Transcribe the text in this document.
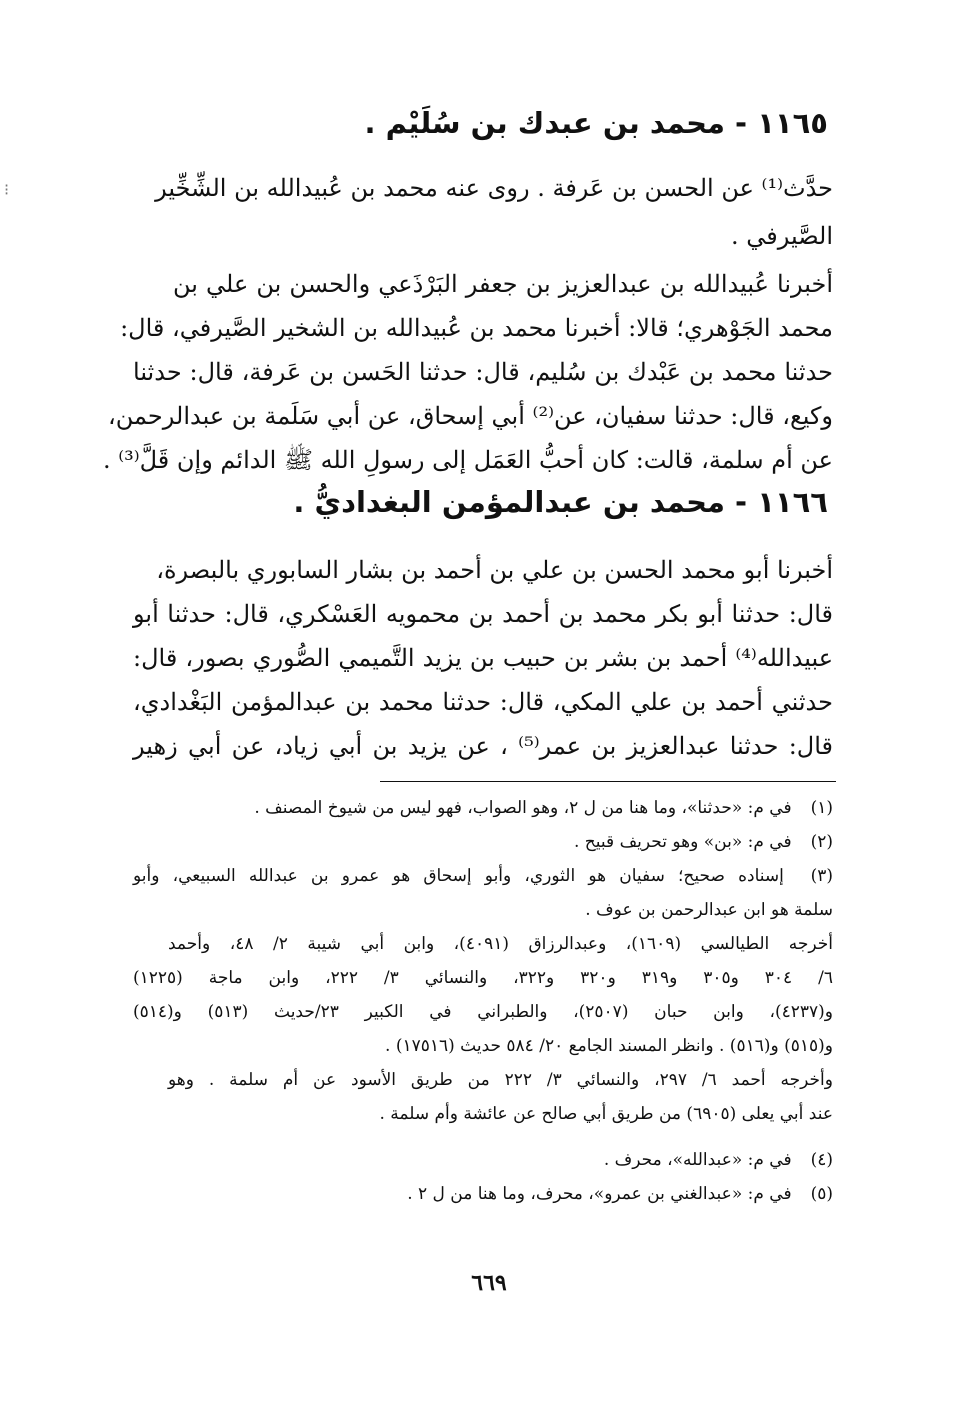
⁝
١١٦٥ - محمد بن عبدك بن سُلَيْم .
حدَّث⁽¹⁾ عن الحسن بن عَرفة . روى عنه محمد بن عُبيدالله بن الشِّخِّير
الصَّيرفي .
أخبرنا عُبيدالله بن عبدالعزيز بن جعفر البَرْذَعي والحسن بن علي بن
محمد الجَوْهري؛ قالا: أخبرنا محمد بن عُبيدالله بن الشخير الصَّيرفي، قال:
حدثنا محمد بن عَبْدك بن سُليم، قال: حدثنا الحَسن بن عَرفة، قال: حدثنا
وكيع، قال: حدثنا سفيان، عن⁽²⁾ أبي إسحاق، عن أبي سَلَمة بن عبدالرحمن،
عن أم سلمة، قالت: كان أحبُّ العَمَل إلى رسولِ الله ﷺ الدائم وإن قَلَّ⁽³⁾ .
١١٦٦ - محمد بن عبدالمؤمن البغداديُّ .
أخبرنا أبو محمد الحسن بن علي بن أحمد بن بشار السابوري بالبصرة،
قال: حدثنا أبو بكر محمد بن أحمد بن محمويه العَسْكري، قال: حدثنا أبو
عبيدالله⁽⁴⁾ أحمد بن بشر بن حبيب بن يزيد التَّميمي الصُّوري بصور، قال:
حدثني أحمد بن علي المكي، قال: حدثنا محمد بن عبدالمؤمن البَغْدادي،
قال: حدثنا عبدالعزيز بن عمر⁽⁵⁾ ، عن يزيد بن أبي زياد، عن أبي زهير
(١) في م: «حدثنا»، وما هنا من ل ٢، وهو الصواب، فهو ليس من شيوخ المصنف .
(٢) في م: «بن» وهو تحريف قبيح .
(٣) إسناده صحيح؛ سفيان هو الثوري، وأبو إسحاق هو عمرو بن عبدالله السبيعي، وأبو
سلمة هو ابن عبدالرحمن بن عوف .
أخرجه الطيالسي (١٦٠٩)، وعبدالرزاق (٤٠٩١)، وابن أبي شيبة ٢/ ٤٨، وأحمد
٦/ ٣٠٤ و٣٠٥ و٣١٩ و٣٢٠ و٣٢٢، والنسائي ٣/ ٢٢٢، وابن ماجة (١٢٢٥)
و(٤٢٣٧)، وابن حبان (٢٥٠٧)، والطبراني في الكبير ٢٣/حديث (٥١٣) و(٥١٤)
و(٥١٥) و(٥١٦) . وانظر المسند الجامع ٢٠/ ٥٨٤ حديث (١٧٥١٦) .
وأخرجه أحمد ٦/ ٢٩٧، والنسائي ٣/ ٢٢٢ من طريق الأسود عن أم سلمة . وهو
عند أبي يعلى (٦٩٠٥) من طريق أبي صالح عن عائشة وأم سلمة .
(٤) في م: «عبدالله»، محرف .
(٥) في م: «عبدالغني بن عمرو»، محرف، وما هنا من ل ٢ .
٦٦٩
